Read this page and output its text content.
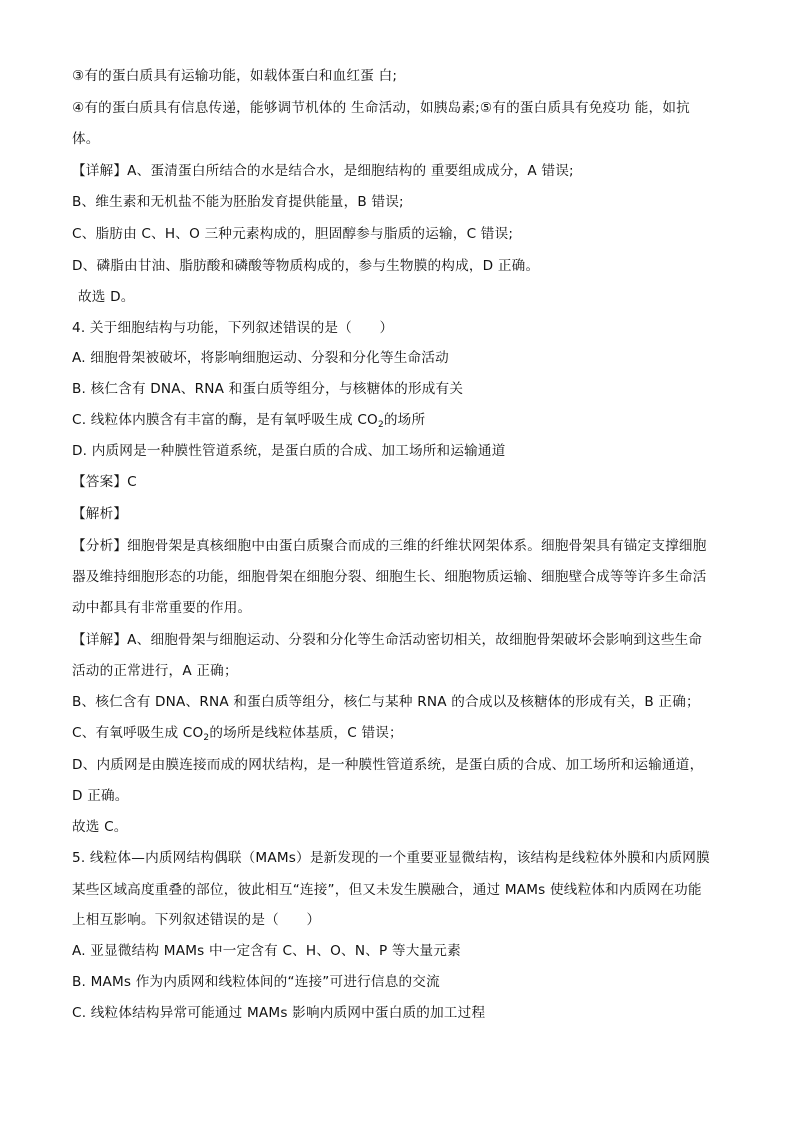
③有的蛋白质具有运输功能，如载体蛋白和血红蛋 白;
④有的蛋白质具有信息传递，能够调节机体的 生命活动，如胰岛素;⑤有的蛋白质具有免疫功 能，如抗
体。
【详解】A、蛋清蛋白所结合的水是结合水，是细胞结构的 重要组成成分，A 错误;
B、维生素和无机盐不能为胚胎发育提供能量，B 错误;
C、脂肪由 C、H、O 三种元素构成的，胆固醇参与脂质的运输，C 错误;
D、磷脂由甘油、脂肪酸和磷酸等物质构成的，参与生物膜的构成，D 正确。
故选 D。
4. 关于细胞结构与功能，下列叙述错误的是（　　）
A. 细胞骨架被破坏，将影响细胞运动、分裂和分化等生命活动
B. 核仁含有 DNA、RNA 和蛋白质等组分，与核糖体的形成有关
C. 线粒体内膜含有丰富的酶，是有氧呼吸生成 $CO_2$的场所
D. 内质网是一种膜性管道系统，是蛋白质的合成、加工场所和运输通道
【答案】C
【解析】
【分析】细胞骨架是真核细胞中由蛋白质聚合而成的三维的纤维状网架体系。细胞骨架具有锚定支撑细胞
器及维持细胞形态的功能，细胞骨架在细胞分裂、细胞生长、细胞物质运输、细胞壁合成等等许多生命活
动中都具有非常重要的作用。
【详解】A、细胞骨架与细胞运动、分裂和分化等生命活动密切相关，故细胞骨架破坏会影响到这些生命
活动的正常进行，A 正确；
B、核仁含有 DNA、RNA 和蛋白质等组分，核仁与某种 RNA 的合成以及核糖体的形成有关，B 正确；
C、有氧呼吸生成 $CO_2$的场所是线粒体基质，C 错误；
D、内质网是由膜连接而成的网状结构，是一种膜性管道系统，是蛋白质的合成、加工场所和运输通道，
D 正确。
故选 C。
5. 线粒体—内质网结构偶联（MAMs）是新发现的一个重要亚显微结构，该结构是线粒体外膜和内质网膜
某些区域高度重叠的部位，彼此相互“连接”，但又未发生膜融合，通过 MAMs 使线粒体和内质网在功能
上相互影响。下列叙述错误的是（　　）
A. 亚显微结构 MAMs 中一定含有 C、H、O、N、P 等大量元素
B. MAMs 作为内质网和线粒体间的“连接”可进行信息的交流
C. 线粒体结构异常可能通过 MAMs 影响内质网中蛋白质的加工过程
